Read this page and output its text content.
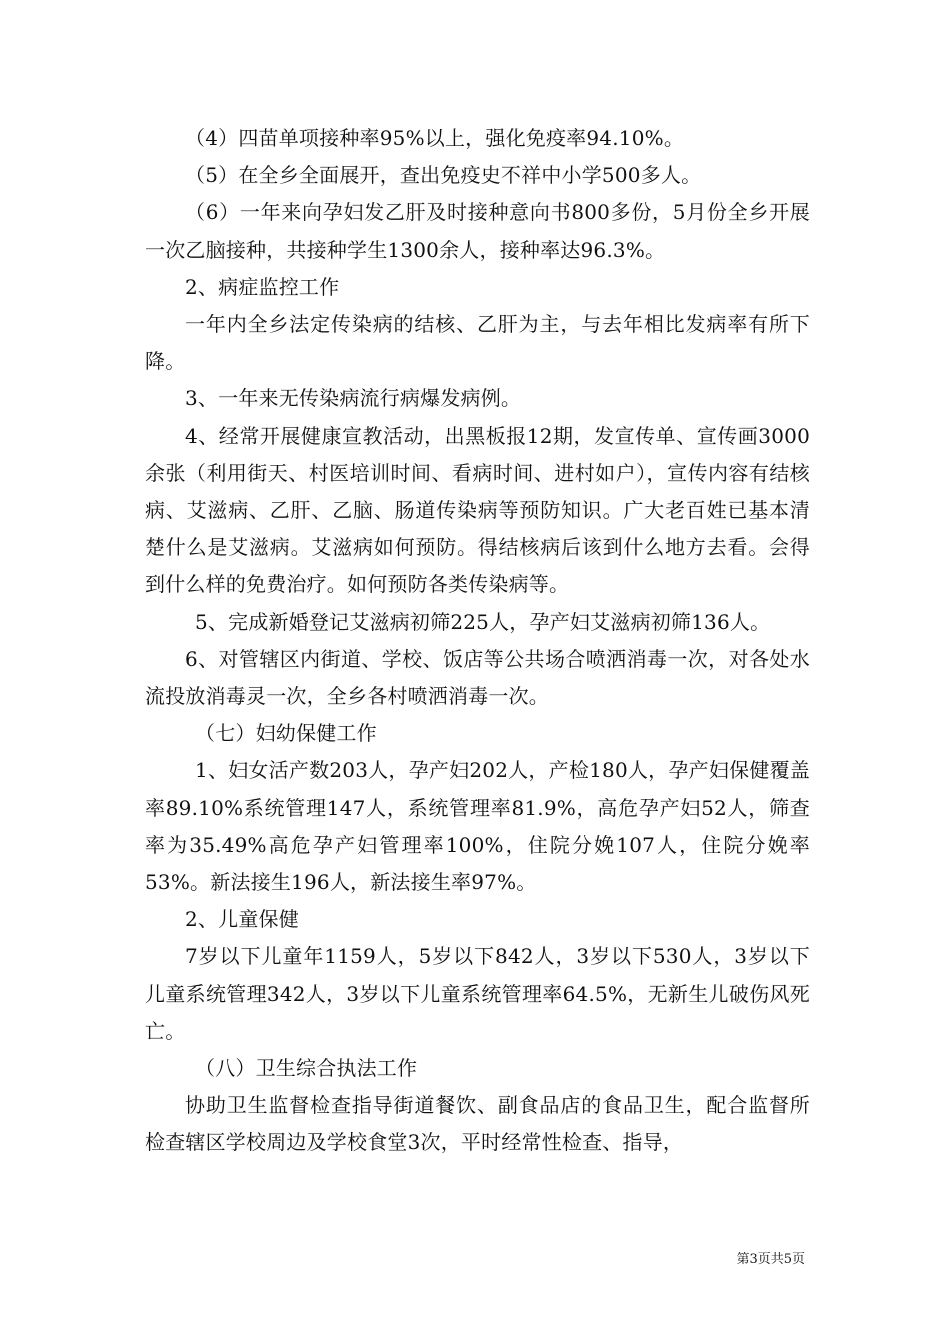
（4）四苗单项接种率95%以上，强化免疫率94.10%。

（5）在全乡全面展开，查出免疫史不祥中小学500多人。

（6）一年来向孕妇发乙肝及时接种意向书800多份，5月份全乡开展一次乙脑接种，共接种学生1300余人，接种率达96.3%。

2、病症监控工作

一年内全乡法定传染病的结核、乙肝为主，与去年相比发病率有所下降。

3、一年来无传染病流行病爆发病例。

4、经常开展健康宣教活动，出黑板报12期，发宣传单、宣传画3000余张（利用街天、村医培训时间、看病时间、进村如户），宣传内容有结核病、艾滋病、乙肝、乙脑、肠道传染病等预防知识。广大老百姓已基本清楚什么是艾滋病。艾滋病如何预防。得结核病后该到什么地方去看。会得到什么样的免费治疗。如何预防各类传染病等。

5、完成新婚登记艾滋病初筛225人，孕产妇艾滋病初筛136人。

6、对管辖区内街道、学校、饭店等公共场合喷洒消毒一次，对各处水流投放消毒灵一次，全乡各村喷洒消毒一次。

（七）妇幼保健工作

1、妇女活产数203人，孕产妇202人，产检180人，孕产妇保健覆盖率89.10%系统管理147人，系统管理率81.9%，高危孕产妇52人，筛查率为35.49%高危孕产妇管理率100%，住院分娩107人，住院分娩率53%。新法接生196人，新法接生率97%。

2、儿童保健

7岁以下儿童年1159人，5岁以下842人，3岁以下530人，3岁以下儿童系统管理342人，3岁以下儿童系统管理率64.5%，无新生儿破伤风死亡。

（八）卫生综合执法工作

协助卫生监督检查指导街道餐饮、副食品店的食品卫生，配合监督所检查辖区学校周边及学校食堂3次，平时经常性检查、指导，

第3页共5页
